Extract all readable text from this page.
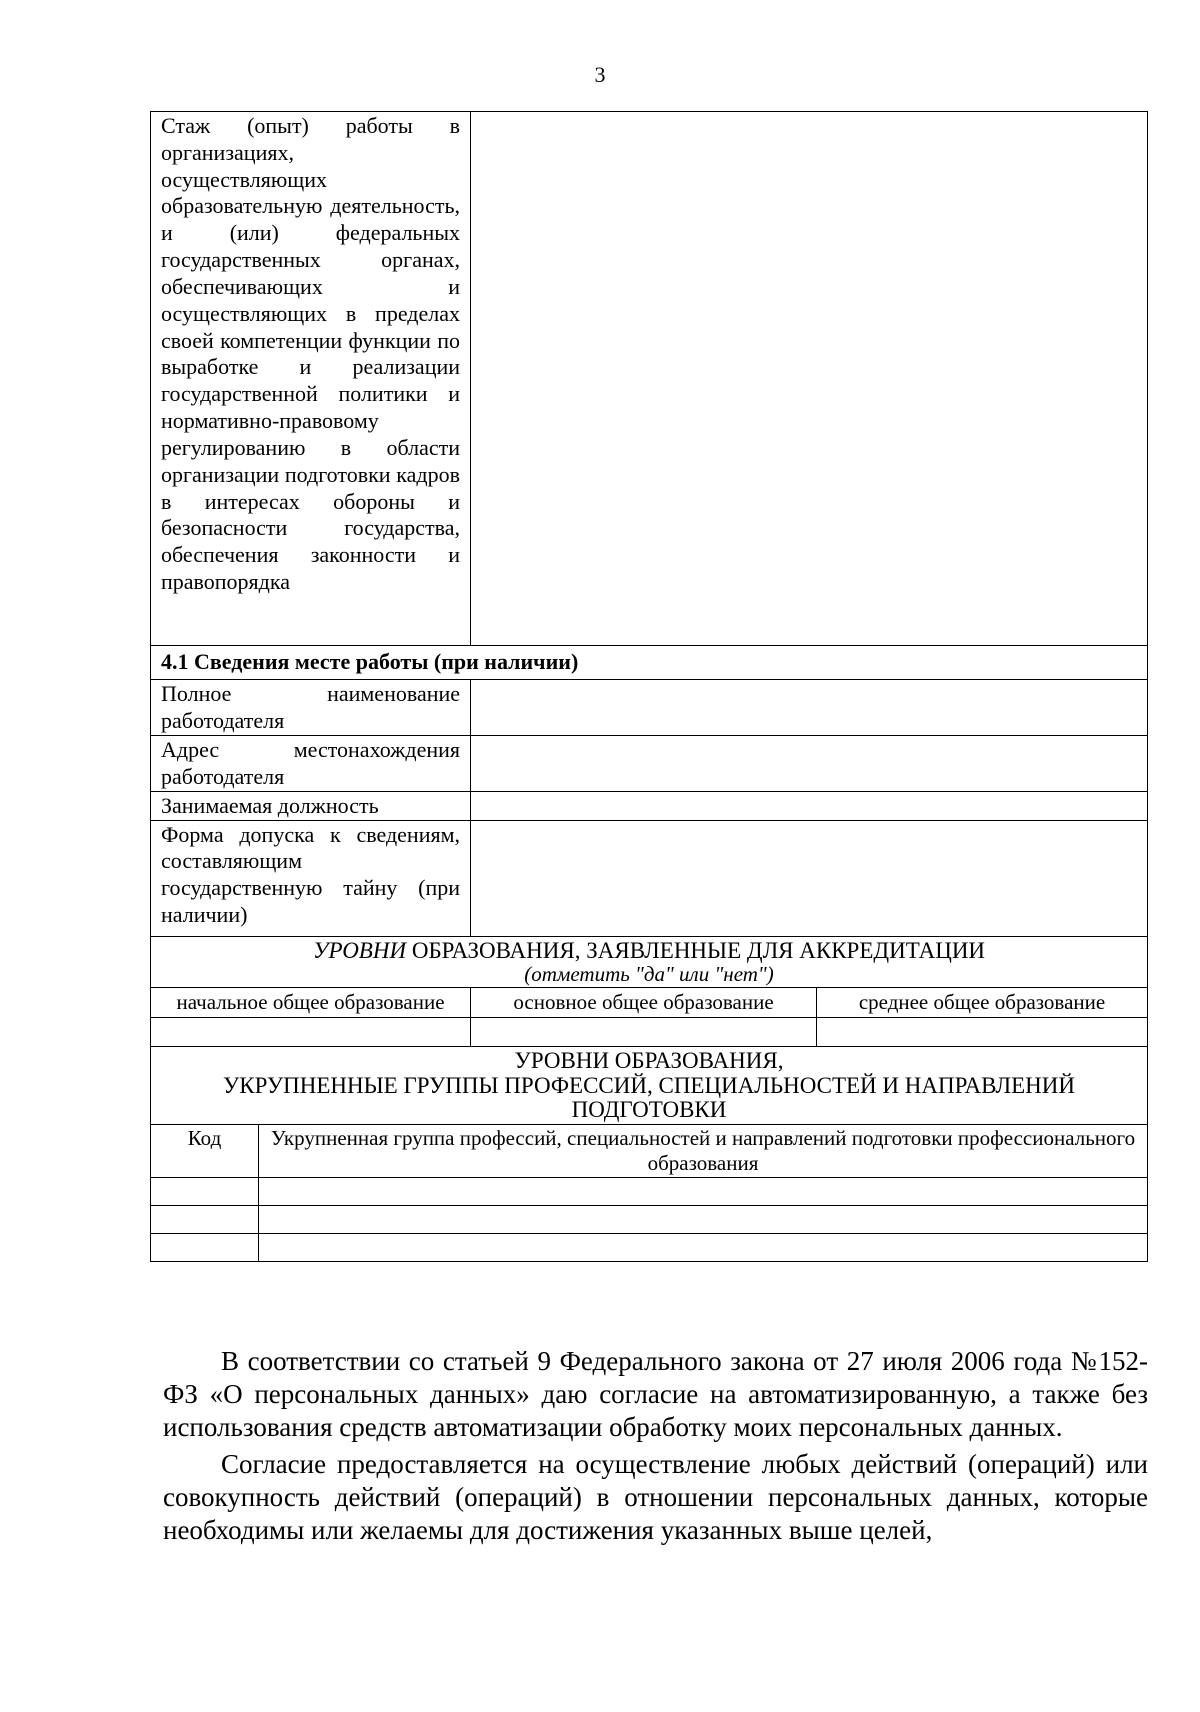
3
Стаж (опыт) работы в организациях, осуществляющих образовательную деятельность, и (или) федеральных государственных органах, обеспечивающих и осуществляющих в пределах своей компетенции функции по выработке и реализации государственной политики и нормативно-правовому регулированию в области организации подготовки кадров в интересах обороны и безопасности государства, обеспечения законности и правопорядка			
4.1 Сведения месте работы (при наличии)			
Полное наименование работодателя			
Адрес местонахождения работодателя			
Занимаемая должность			
Форма допуска к сведениям, составляющим государственную тайну (при наличии)			
УРОВНИ ОБРАЗОВАНИЯ, ЗАЯВЛЕННЫЕ ДЛЯ АККРЕДИТАЦИИ
(отметить "да" или "нет")			

начальное общее образование		основное общее образование	среднее общее образование

УРОВНИ ОБРАЗОВАНИЯ,
УКРУПНЕННЫЕ ГРУППЫ ПРОФЕССИЙ, СПЕЦИАЛЬНОСТЕЙ И НАПРАВЛЕНИЙ
ПОДГОТОВКИ			

Код	Укрупненная группа профессий, специальностей и направлений подготовки профессионального образования		

В соответствии со статьей 9 Федерального закона от 27 июля 2006 года №152-ФЗ «О персональных данных» даю согласие на автоматизированную, а также без использования средств автоматизации обработку моих персональных данных.

Согласие предоставляется на осуществление любых действий (операций) или совокупность действий (операций) в отношении персональных данных, которые необходимы или желаемы для достижения указанных выше целей,
